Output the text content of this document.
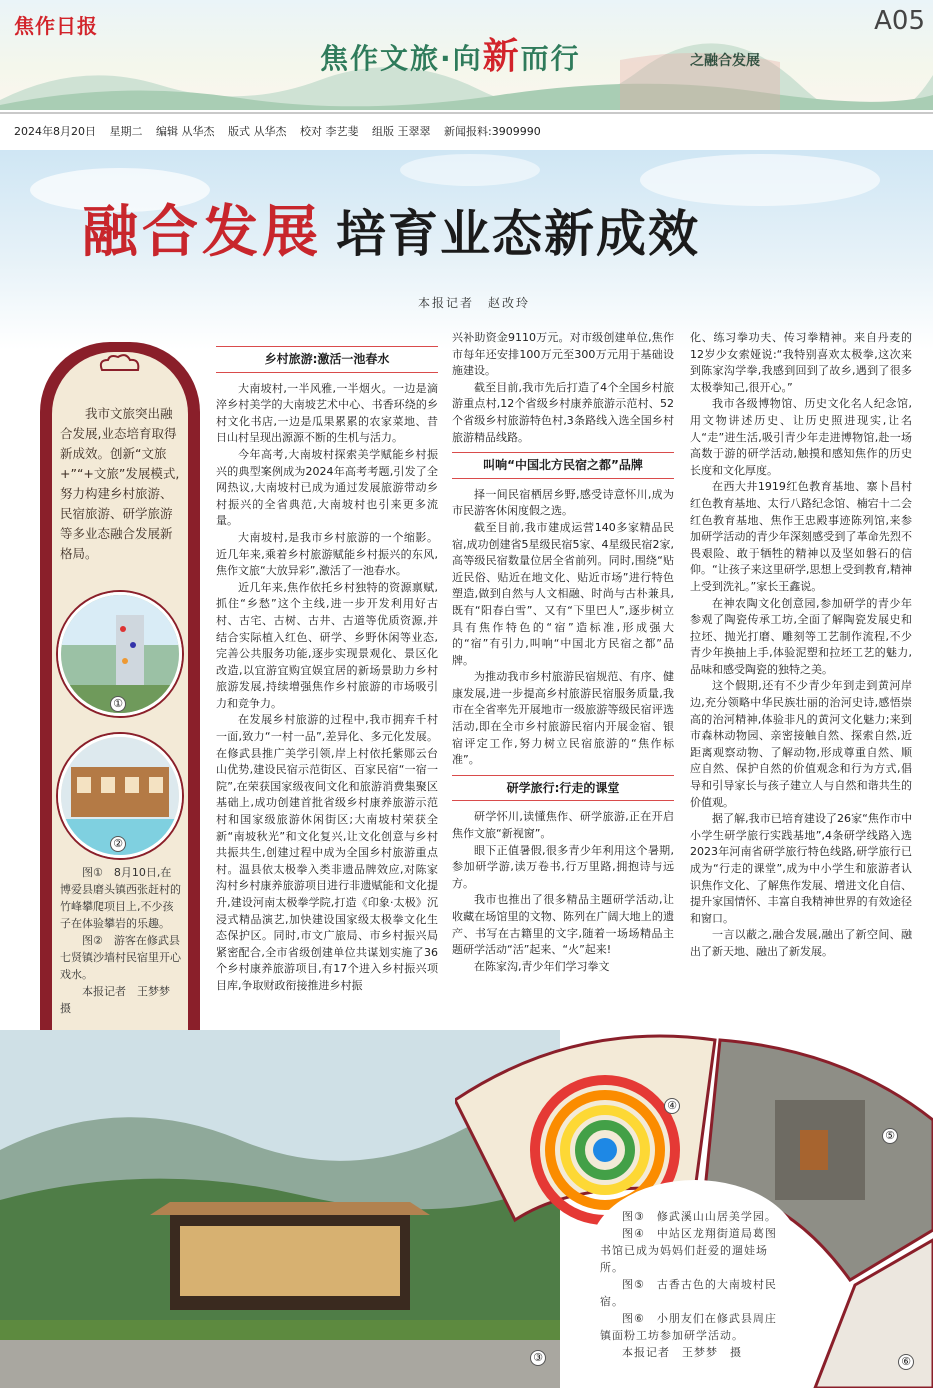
焦作日报	A05
焦作文旅·向新而行	之融合发展
2024年8月20日 星期二 编辑 从华杰 版式 从华杰 校对 李艺斐 组版 王翠翠 新闻报料:3909990
融合发展 培育业态新成效
本报记者　赵改玲
我市文旅突出融合发展,业态培育取得新成效。创新“文旅+”“+文旅”发展模式,努力构建乡村旅游、民宿旅游、研学旅游等多业态融合发展新格局。
①
②
图①　8月10日,在博爱县磨头镇西张赶村的竹峰攀爬项目上,不少孩子在体验攀岩的乐趣。
图②　游客在修武县七贤镇沙墙村民宿里开心戏水。
本报记者　王梦梦　摄
乡村旅游:激活一池春水

大南坡村,一半风雅,一半烟火。一边是滴淬乡村美学的大南坡艺术中心、书香环绕的乡村文化书店,一边是瓜果累累的农家菜地、昔日山村呈现出源源不断的生机与活力。

今年高考,大南坡村探索美学赋能乡村振兴的典型案例成为2024年高考考题,引发了全网热议,大南坡村已成为通过发展旅游带动乡村振兴的全省典范,大南坡村也引来更多流量。

大南坡村,是我市乡村旅游的一个缩影。近几年来,乘着乡村旅游赋能乡村振兴的东风,焦作文旅“大放异彩”,激活了一池春水。

近几年来,焦作依托乡村独特的资源禀赋,抓住“乡愁”这个主线,进一步开发利用好古村、古宅、古树、古井、古道等优质资源,并结合实际植入红色、研学、乡野休闲等业态,完善公共服务功能,逐步实现景观化、景区化改造,以宜游宜购宜娱宜居的新场景助力乡村旅游发展,持续增强焦作乡村旅游的市场吸引力和竞争力。

在发展乡村旅游的过程中,我市拥弃千村一面,致力“一村一品”,差异化、多元化发展。在修武县推广美学引领,岸上村依托紫郧云台山优势,建设民宿示范街区、百家民宿“一宿一院”,在荣获国家级夜间文化和旅游消费集聚区基础上,成功创建首批省级乡村康养旅游示范村和国家级旅游休闲街区;大南坡村荣获全新“南坡秋光”和文化复兴,让文化创意与乡村共振共生,创建过程中成为全国乡村旅游重点村。温县依太极拳入类非遗品牌效应,对陈家沟村乡村康养旅游项目进行非遗赋能和文化提升,建设河南太极拳学院,打造《印象·太极》沉浸式精品演艺,加快建设国家级太极拳文化生态保护区。同时,市文广旅局、市乡村振兴局紧密配合,全市省级创建单位共谋划实施了36个乡村康养旅游项目,有17个进入乡村振兴项目库,争取财政衔接推进乡村振

兴补助资金9110万元。对市级创建单位,焦作市每年还安排100万元至300万元用于基础设施建设。

截至目前,我市先后打造了4个全国乡村旅游重点村,12个省级乡村康养旅游示范村、52个省级乡村旅游特色村,3条路线入选全国乡村旅游精品线路。

叫响“中国北方民宿之都”品牌

择一间民宿栖居乡野,感受诗意怀川,成为市民游客休闲度假之选。

截至目前,我市建成运营140多家精品民宿,成功创建省5星级民宿5家、4星级民宿2家,高等级民宿数量位居全省前列。同时,围绕“贴近民俗、贴近在地文化、贴近市场”进行特色塑造,做到自然与人文相融、时尚与古朴兼具,既有“阳春白雪”、又有“下里巴人”,逐步树立具有焦作特色的“宿”造标准,形成强大的“宿”有引力,叫响“中国北方民宿之都”品牌。

为推动我市乡村旅游民宿规范、有序、健康发展,进一步提高乡村旅游民宿服务质量,我市在全省率先开展地市一级旅游等级民宿评选活动,即在全市乡村旅游民宿内开展金宿、银宿评定工作,努力树立民宿旅游的“焦作标准”。

研学旅行:行走的课堂

研学怀川,读懂焦作、研学旅游,正在开启焦作文旅“新视窗”。

眼下正值暑假,很多青少年利用这个暑期,参加研学游,读万卷书,行万里路,拥抱诗与远方。

我市也推出了很多精品主题研学活动,让收藏在场馆里的文物、陈列在广阔大地上的遗产、书写在古籍里的文字,随着一场场精品主题研学活动“活”起来、“火”起来!

在陈家沟,青少年们学习拳文

化、练习拳功夫、传习拳精神。来自丹麦的12岁少女索娅说:“我特别喜欢太极拳,这次来到陈家沟学拳,我感到回到了故乡,遇到了很多太极拳知己,很开心。”

我市各级博物馆、历史文化名人纪念馆,用文物讲述历史、让历史照进现实,让名人“走”进生活,吸引青少年走进博物馆,赴一场高数于游的研学活动,触摸和感知焦作的历史长度和文化厚度。

在西大井1919红色教育基地、寨卜昌村红色教育基地、太行八路纪念馆、楠宕十二会红色教育基地、焦作王忠殿事迹陈列馆,来参加研学活动的青少年深刻感受到了革命先烈不畏艰险、敢于牺牲的精神以及坚如磐石的信仰。“让孩子来这里研学,思想上受到教育,精神上受到洗礼。”家长王鑫说。

在神农陶文化创意园,参加研学的青少年参观了陶瓷传承工坊,全面了解陶瓷发展史和拉坯、抛光打磨、雕刻等工艺制作流程,不少青少年换抽上手,体验泥塑和拉坯工艺的魅力,品味和感受陶瓷的独特之美。

这个假期,还有不少青少年到走到黄河岸边,充分领略中华民族壮丽的治河史诗,感悟崇高的治河精神,体验非凡的黄河文化魅力;来到市森林动物园、亲密接触自然、探索自然,近距离观察动物、了解动物,形成尊重自然、顺应自然、保护自然的价值观念和行为方式,倡导和引导家长与孩子建立人与自然和谐共生的价值观。

据了解,我市已培育建设了26家“焦作市中小学生研学旅行实践基地”,4条研学线路入选2023年河南省研学旅行特色线路,研学旅行已成为“行走的课堂”,成为中小学生和旅游者认识焦作文化、了解焦作发展、增进文化自信、提升家国情怀、丰富自我精神世界的有效途径和窗口。

一言以蔽之,融合发展,融出了新空间、融出了新天地、融出了新发展。

③
④
⑤
⑥

图③　修武溪山山居美学园。

图④　中站区龙翔街道局葛图书馆已成为妈妈们赶爱的遛娃场所。

图⑤　古香古色的大南坡村民宿。

图⑥　小朋友们在修武县周庄镇面粉工坊参加研学活动。

本报记者　王梦梦　摄
